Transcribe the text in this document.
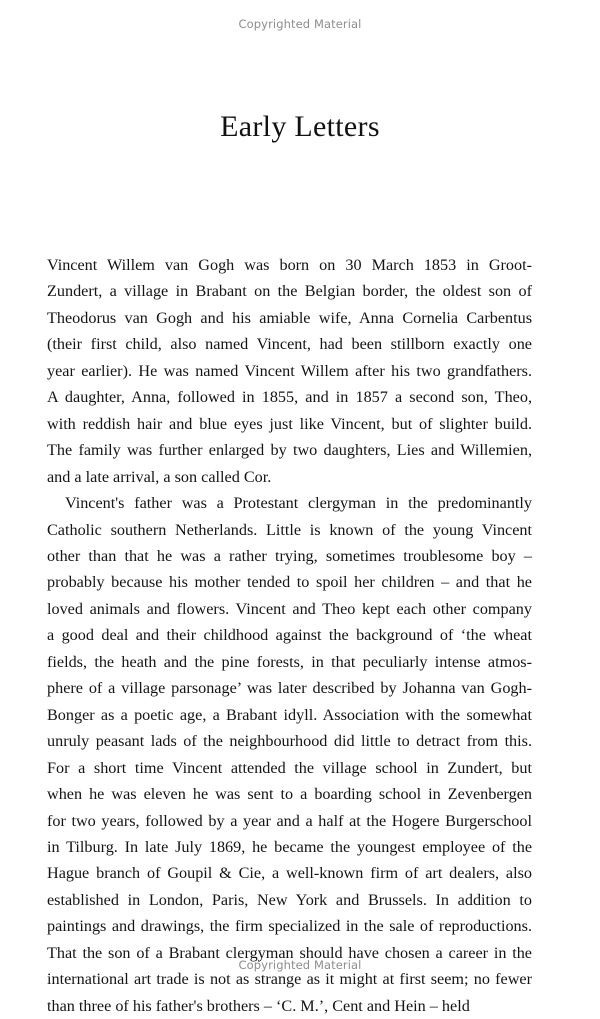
Copyrighted Material
Early Letters

Vincent Willem van Gogh was born on 30 March 1853 in Groot-
Zundert, a village in Brabant on the Belgian border, the oldest son of
Theodorus van Gogh and his amiable wife, Anna Cornelia Carbentus
(their first child, also named Vincent, had been stillborn exactly one
year earlier). He was named Vincent Willem after his two grandfathers.
A daughter, Anna, followed in 1855, and in 1857 a second son, Theo,
with reddish hair and blue eyes just like Vincent, but of slighter build.
The family was further enlarged by two daughters, Lies and Willemien,
and a late arrival, a son called Cor.

Vincent's father was a Protestant clergyman in the predominantly
Catholic southern Netherlands. Little is known of the young Vincent
other than that he was a rather trying, sometimes troublesome boy –
probably because his mother tended to spoil her children – and that he
loved animals and flowers. Vincent and Theo kept each other company
a good deal and their childhood against the background of ‘the wheat
fields, the heath and the pine forests, in that peculiarly intense atmos-
phere of a village parsonage’ was later described by Johanna van Gogh-
Bonger as a poetic age, a Brabant idyll. Association with the somewhat
unruly peasant lads of the neighbourhood did little to detract from this.
For a short time Vincent attended the village school in Zundert, but
when he was eleven he was sent to a boarding school in Zevenbergen
for two years, followed by a year and a half at the Hogere Burgerschool
in Tilburg. In late July 1869, he became the youngest employee of the
Hague branch of Goupil & Cie, a well-known firm of art dealers, also
established in London, Paris, New York and Brussels. In addition to
paintings and drawings, the firm specialized in the sale of reproductions.
That the son of a Brabant clergyman should have chosen a career in the
international art trade is not as strange as it might at first seem; no fewer
than three of his father's brothers – ‘C. M.’, Cent and Hein – held

Copyrighted Material
